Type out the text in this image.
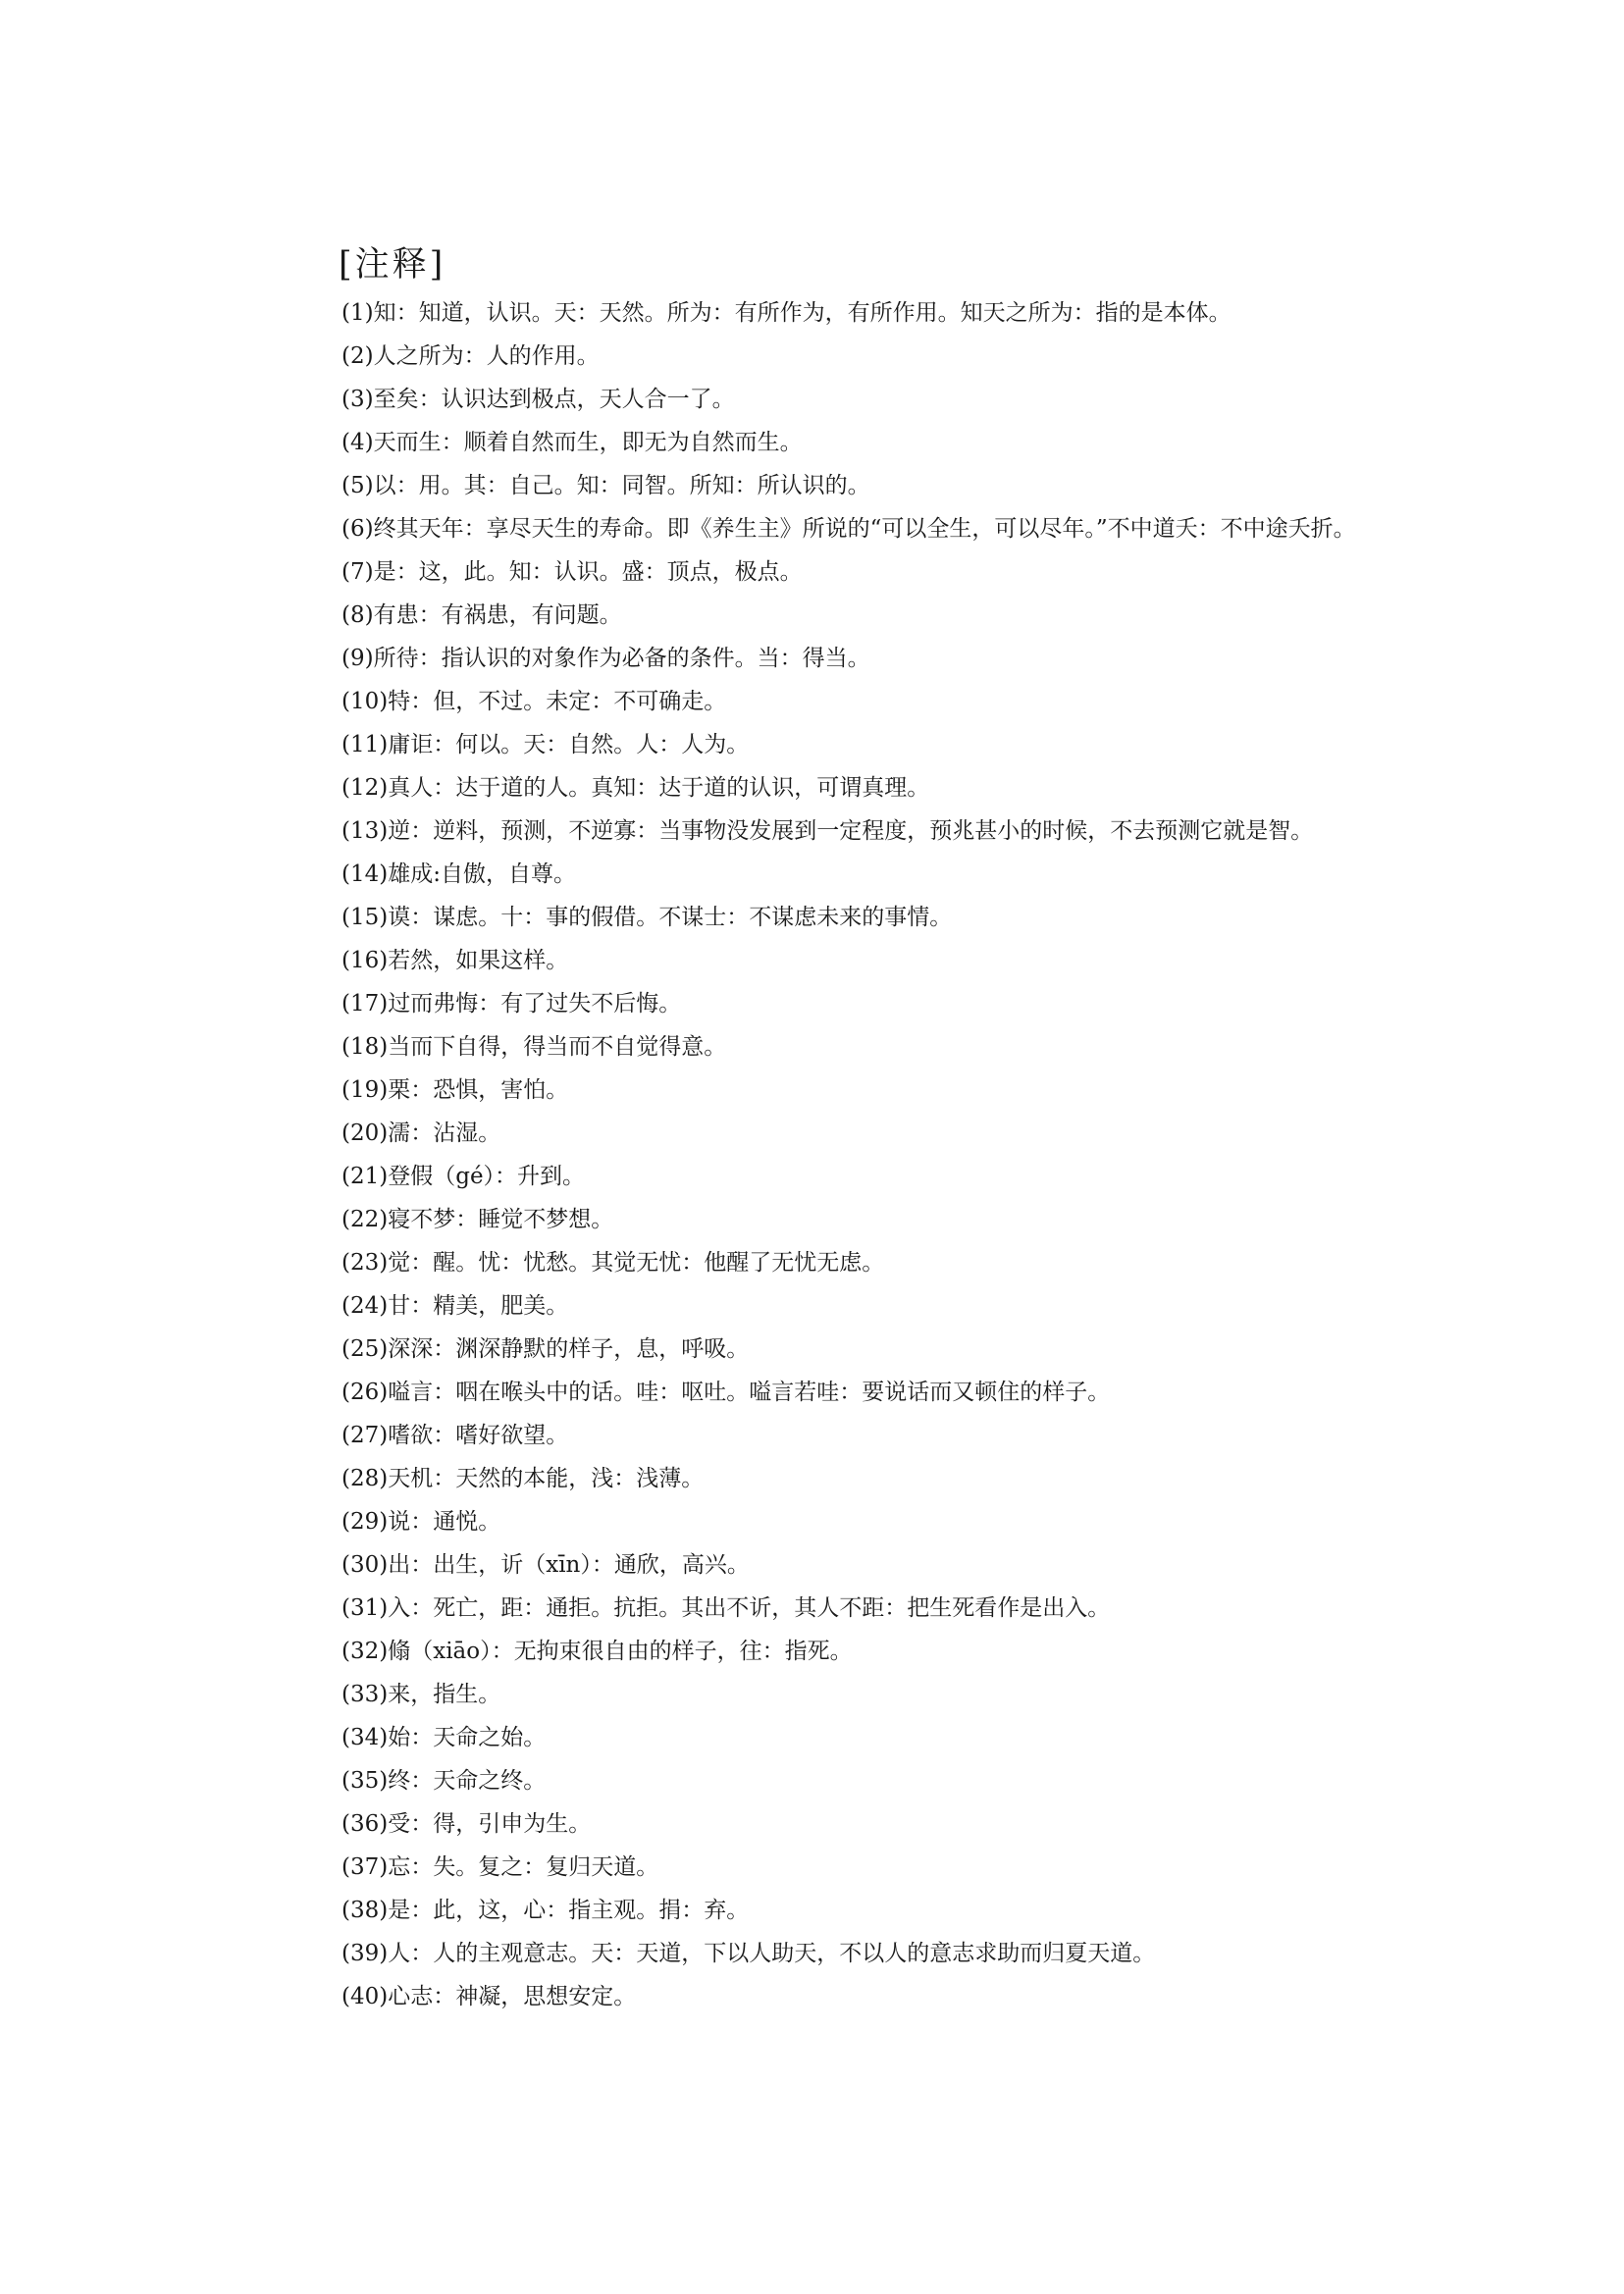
[注释]

(1)知：知道，认识。天：天然。所为：有所作为，有所作用。知天之所为：指的是本体。

(2)人之所为：人的作用。

(3)至矣：认识达到极点，天人合一了。

(4)天而生：顺着自然而生，即无为自然而生。

(5)以：用。其：自己。知：同智。所知：所认识的。

(6)终其天年：享尽天生的寿命。即《养生主》所说的“可以全生，可以尽年。”不中道夭：不中途夭折。

(7)是：这，此。知：认识。盛：顶点，极点。

(8)有患：有祸患，有问题。

(9)所待：指认识的对象作为必备的条件。当：得当。

(10)特：但，不过。未定：不可确走。

(11)庸讵：何以。天：自然。人：人为。

(12)真人：达于道的人。真知：达于道的认识，可谓真理。

(13)逆：逆料，预测，不逆寡：当事物没发展到一定程度，预兆甚小的时候，不去预测它就是智。

(14)雄成:自傲，自尊。

(15)谟：谋虑。十：事的假借。不谋士：不谋虑未来的事情。

(16)若然，如果这样。

(17)过而弗悔：有了过失不后悔。

(18)当而下自得，得当而不自觉得意。

(19)栗：恐惧，害怕。

(20)濡：沾湿。

(21)登假（gé）：升到。

(22)寝不梦：睡觉不梦想。

(23)觉：醒。忧：忧愁。其觉无忧：他醒了无忧无虑。

(24)甘：精美，肥美。

(25)深深：渊深静默的样子，息，呼吸。

(26)嗌言：咽在喉头中的话。哇：呕吐。嗌言若哇：要说话而又顿住的样子。

(27)嗜欲：嗜好欲望。

(28)天机：天然的本能，浅：浅薄。

(29)说：通悦。

(30)出：出生，䜣（xīn）：通欣，高兴。

(31)入：死亡，距：通拒。抗拒。其出不䜣，其人不距：把生死看作是出入。

(32)翛（xiāo）：无拘束很自由的样子，往：指死。

(33)来，指生。

(34)始：天命之始。

(35)终：天命之终。

(36)受：得，引申为生。

(37)忘：失。复之：复归天道。

(38)是：此，这，心：指主观。捐：弃。

(39)人：人的主观意志。天：天道，下以人助天，不以人的意志求助而归夏天道。

(40)心志：神凝，思想安定。
